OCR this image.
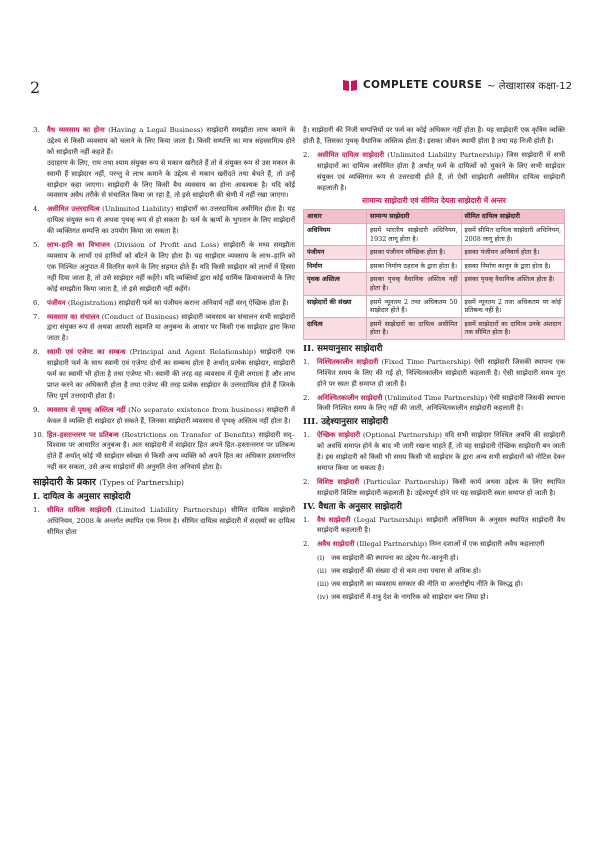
2	COMPLETE COURSE ~ लेखाशास्त्र कक्षा-12
3. वैध व्यवसाय का होना (Having a Legal Business) साझेदारी समझौता लाभ कमाने के उद्देश्य से किसी व्यवसाय को चलाने के लिए किया जाता है। किसी सम्पत्ति का मात्र सहस्वामित्व होने को साझेदारी नहीं कहते हैं।
उदाहरण के लिए, राम तथा श्याम संयुक्त रूप से मकान खरीदते हैं तो वे संयुक्त रूप से उस मकान के स्वामी हैं साझेदार नहीं, परन्तु वे लाभ कमाने के उद्देश्य से मकान खरीदते तथा बेचते हैं, तो उन्हें साझेदार कहा जाएगा। साझेदारी के लिए किसी वैध व्यवसाय का होना आवश्यक है। यदि कोई व्यवसाय अवैध तरीके से संचालित किया जा रहा है, तो इसे साझेदारी की श्रेणी में नहीं रखा जाएगा।
4. असीमित उत्तरदायित्व (Unlimited Liability) साझेदारों का उत्तरदायित्व असीमित होता है। यह दायित्व संयुक्त रूप से अथवा पृथक् रूप से हो सकता है। फर्म के ऋणों के भुगतान के लिए साझेदारों की व्यक्तिगत सम्पत्ति का उपयोग किया जा सकता है।
5. लाभ–हानि का विभाजन (Division of Profit and Loss) साझेदारी के मध्य समझौता व्यवसाय के लाभों एवं हानियों को बाँटने के लिए होता है। यह साझेदार व्यवसाय के लाभ–हानि को एक निश्चित अनुपात में वितरित करने के लिए सहमत होते हैं। यदि किसी साझेदार को लाभों में हिस्सा नहीं दिया जाता है, तो उसे साझेदार नहीं कहेंगे। यदि व्यक्तियों द्वारा कोई धार्मिक क्रियाकलापों के लिए कोई समझौता किया जाता है, तो इसे साझेदारी नहीं कहेंगे।
6. पंजीयन (Registration) साझेदारी फर्म का पंजीयन कराना अनिवार्य नहीं वरन् ऐच्छिक होता है।
7. व्यवसाय का संचालन (Conduct of Business) साझेदारी व्यवसाय का संचालन सभी साझेदारों द्वारा संयुक्त रूप से अथवा आपसी सहमति या अनुबन्ध के आधार पर किसी एक साझेदार द्वारा किया जाता है।
8. स्वामी एवं एजेण्ट का सम्बन्ध (Principal and Agent Relationship) साझेदारी एक साझेदारी फर्म के साथ स्वामी एवं एजेण्ट दोनों का सम्बन्ध होता है अर्थात् प्रत्येक साझेदार, साझेदारी फर्म का स्वामी भी होता है तथा एजेण्ट भी। स्वामी की तरह वह व्यवसाय में पूँजी लगाता है और लाभ प्राप्त करने का अधिकारी होता है तथा एजेण्ट की तरह प्रत्येक साझेदार के उत्तरदायित्व होते हैं जिनके लिए पूर्ण उत्तरदायी होता है।
9. व्यवसाय से पृथक् अस्तित्व नहीं (No separate existence from business) साझेदारी में केवल वे व्यक्ति ही साझेदार हो सकते हैं, जिनका साझेदारी व्यवसाय से पृथक् अस्तित्व नहीं होता है।
10. हित–हस्तान्तरण पर प्रतिबन्ध (Restrictions on Transfer of Benefits) साझेदारी सद्–विश्वास पर आधारित अनुबन्ध है। अतः साझेदारी में साझेदार हित अपने हित–हस्तान्तरण पर प्रतिबन्ध होते हैं अर्थात् कोई भी साझेदार स्वेच्छा से किसी अन्य व्यक्ति को अपने हित का अधिकार हस्तान्तरित नहीं कर सकता, उसे अन्य साझेदारों की अनुमति लेना अनिवार्य होता है।
साझेदारी के प्रकार (Types of Partnership)
I. दायित्व के अनुसार साझेदारी
1. सीमित दायित्व साझेदारी (Limited Liability Partnership) सीमित दायित्व साझेदारी अधिनियम, 2008 के अन्तर्गत स्थापित एक निगम है। सीमित दायित्व साझेदारी में सदस्यों का दायित्व सीमित होता
है। साझेदारी की निजी सम्पत्तियों पर फर्म का कोई अधिकार नहीं होता है। यह साझेदारी एक कृत्रिम व्यक्ति होती है, जिसका पृथक् वैधानिक अस्तित्व होता है। इसका जीवन स्थायी होता है तथा यह निजी होती है।
2. असीमित दायित्व साझेदारी (Unlimited Liability Partnership) जिस साझेदारी में सभी साझेदारों का दायित्व असीमित होता है अर्थात् फर्म के दायित्वों को चुकाने के लिए सभी साझेदार संयुक्त एवं व्यक्तिगत रूप से उत्तरदायी होते हैं, तो ऐसी साझेदारी असीमित दायित्व साझेदारी कहलाती है।
सामान्य साझेदारी एवं सीमित देयता साझेदारी में अन्तर
आधार	सामान्य साझेदारी	सीमित दायित्व साझेदारी
अधिनियम	इसमें भारतीय साझेदारी अधिनियम, 1932 लागू होता है।	इसमें सीमित दायित्व साझेदारी अधिनियम, 2008 लागू होता है।
पंजीयन	इसका पंजीयन स्वैच्छिक होता है।	इसका पंजीयन अनिवार्य होता है।
निर्माण	इसका निर्माण ठहराव के द्वारा होता है।	इसका निर्माण कानून के द्वारा होता है।
पृथक अस्तित्व	इसका पृथक् वैधानिक अस्तित्व नहीं होता है।	इसका पृथक् वैधानिक अस्तित्व होता है।
साझेदारों की संख्या	इसमें न्यूनतम 2 तथा अधिकतम 50 साझेदार होते हैं।	इसमें न्यूनतम 2 तथा अधिकतम पर कोई प्रतिबन्ध नहीं है।
दायित्व	इसमें साझेदारों का दायित्व असीमित होता है।	इसमें साझेदारों का दायित्व उनके अंशदान तक सीमित होता है।
II. समयानुसार साझेदारी
1. निश्चितकालीन साझेदारी (Fixed Time Partnership) ऐसी साझेदारी जिसकी स्थापना एक निश्चित समय के लिए की गई हो, निश्चितकालीन साझेदारी कहलाती है। ऐसी साझेदारी समय पूरा होने पर स्वतः ही समाप्त हो जाती है।
2. अनिश्चितकालीन साझेदारी (Unlimited Time Partnership) ऐसी साझेदारी जिसकी स्थापना किसी निश्चित समय के लिए नहीं की जाती, अनिश्चितकालीन साझेदारी कहलाती है।
III. उद्देश्यानुसार साझेदारी
1. ऐच्छिक साझेदारी (Optional Partnership) यदि सभी साझेदार निश्चित अवधि की साझेदारी को अवधि समाप्त होने के बाद भी जारी रखना चाहते हैं, तो वह साझेदारी ऐच्छिक साझेदारी बन जाती है। इस साझेदारी को किसी भी समय किसी भी साझेदार के द्वारा अन्य सभी साझेदारों को नोटिस देकर समाप्त किया जा सकता है।
2. विशिष्ट साझेदारी (Particular Partnership) किसी कार्य अथवा उद्देश्य के लिए स्थापित साझेदारी विशिष्ट साझेदारी कहलाती है। उद्देश्यपूर्ण होने पर यह साझेदारी स्वतः समाप्त हो जाती है।
IV. वैधता के अनुसार साझेदारी
1. वैध साझेदारी (Legal Partnership) साझेदारी अधिनियम के अनुसार स्थापित साझेदारी वैध साझेदारी कहलाती है।
2. अवैध साझेदारी (Illegal Partnership) निम्न दशाओं में एक साझेदारी अवैध कहलाएगी
(i) जब साझेदारी की स्थापना का उद्देश्य गैर–कानूनी हो।
(ii) जब साझेदारों की संख्या दो से कम तथा पचास से अधिक हो।
(iii) जब साझेदारी का व्यवसाय सरकार की नीति या अन्तर्राष्ट्रीय नीति के विरुद्ध हो।
(iv) जब साझेदारों में शत्रु देश के नागरिक को साझेदार बना लिया हो।
